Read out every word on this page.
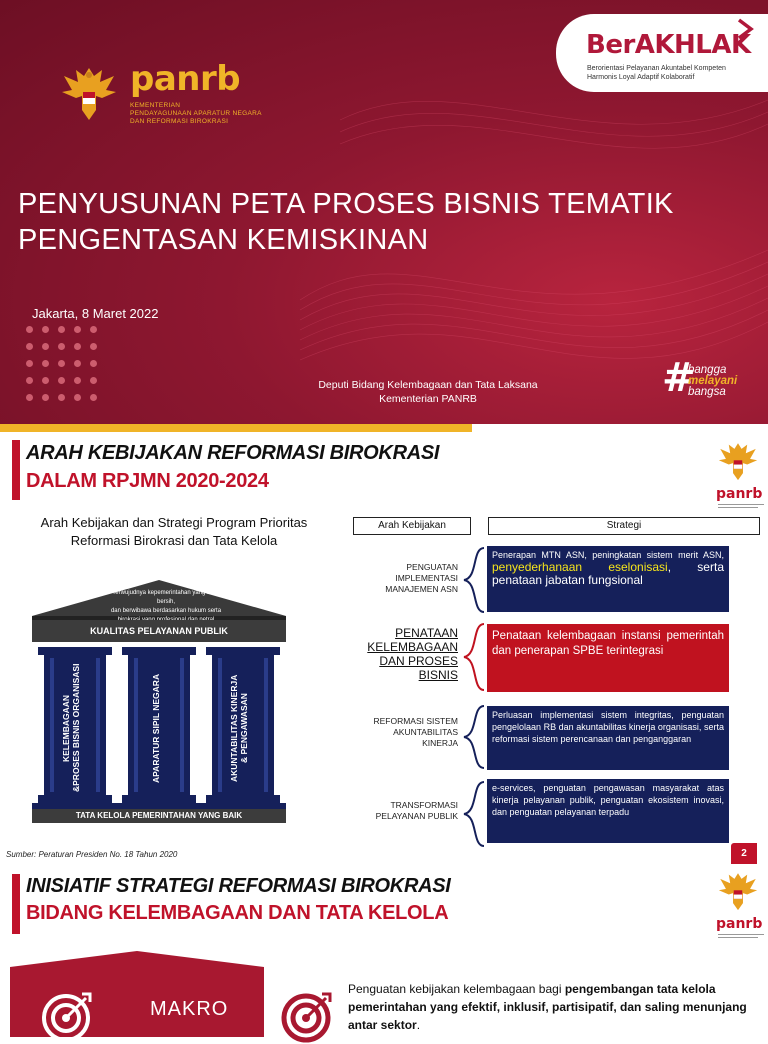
panrb
KEMENTERIAN
PENDAYAGUNAAN APARATUR NEGARA
DAN REFORMASI BIROKRASI
BerAKHLAK
Berorientasi Pelayanan Akuntabel Kompeten
Harmonis Loyal Adaptif Kolaboratif
PENYUSUNAN PETA PROSES BISNIS TEMATIK
PENGENTASAN KEMISKINAN
Jakarta, 8 Maret 2022
Deputi Bidang Kelembagaan dan Tata Laksana
Kementerian PANRB	#
bangga
melayani
bangsa
ARAH KEBIJAKAN REFORMASI BIROKRASI
DALAM RPJMN 2020-2024
panrb
Arah Kebijakan dan Strategi Program Prioritas
Reformasi Birokrasi dan Tata Kelola
Terwujudnya kepemerintahan yang baik, bersih,
dan berwibawa berdasarkan hukum serta
KUALITAS PELAYANAN PUBLIK
KELEMBAGAAN
&PROSES BISNIS ORGANISASI	APARATUR SIPIL NEGARA	AKUNTABILITAS KINERJA
& PENGAWASAN
TATA KELOLA PEMERINTAHAN YANG BAIK
Sumber: Peraturan Presiden No. 18 Tahun 2020
Arah Kebijakan	Strategi
PENGUATAN
IMPLEMENTASI
MANAJEMEN ASN
Penerapan MTN ASN, peningkatan sistem merit ASN, penyederhanaan eselonisasi, serta penataan jabatan fungsional
PENATAAN
KELEMBAGAAN
DAN PROSES
BISNIS
Penataan kelembagaan instansi pemerintah dan penerapan SPBE terintegrasi
REFORMASI SISTEM
AKUNTABILITAS
KINERJA
Perluasan implementasi sistem integritas, penguatan pengelolaan RB dan akuntabilitas kinerja organisasi, serta reformasi sistem perencanaan dan penganggaran
TRANSFORMASI
PELAYANAN PUBLIK
e-services, penguatan pengawasan masyarakat atas kinerja pelayanan publik, penguatan ekosistem inovasi, dan penguatan pelayanan terpadu
2
INISIATIF STRATEGI REFORMASI BIROKRASI
BIDANG KELEMBAGAAN DAN TATA KELOLA	panrb
MAKRO
Penguatan kebijakan kelembagaan bagi pengembangan tata kelola pemerintahan yang efektif, inklusif, partisipatif, dan saling menunjang antar sektor.
